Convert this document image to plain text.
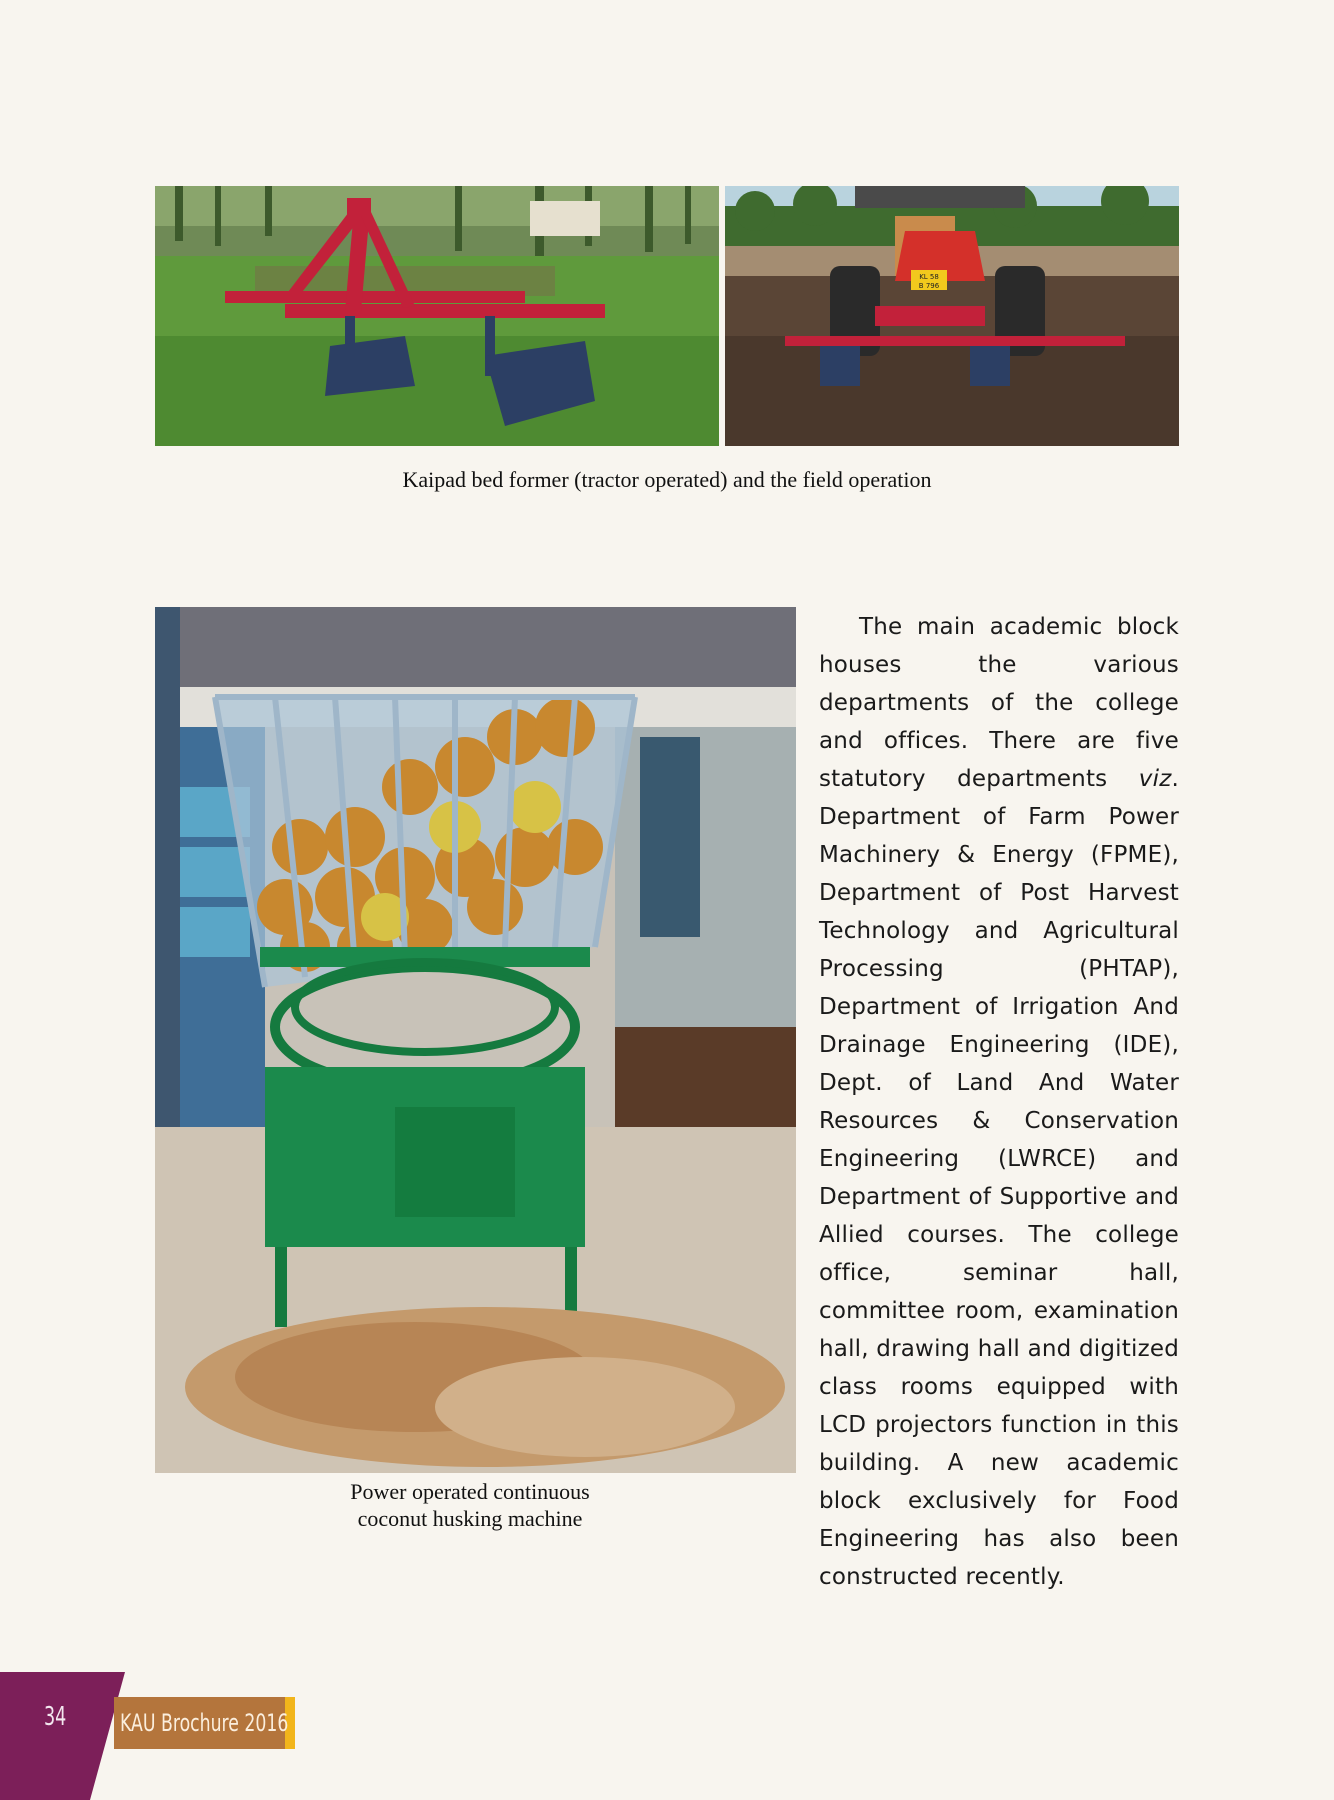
KL 58
B 796
Kaipad bed former (tractor operated) and the field operation
Power operated continuous
coconut husking machine

The main academic block houses the various departments of the college and offices. There are five statutory departments viz. Department of Farm Power Machinery & Energy (FPME), Department of Post Harvest Technology and Agricultural Processing (PHTAP), Department of Irrigation And Drainage Engineering (IDE), Dept. of Land And Water Resources & Conservation Engineering (LWRCE) and Department of Supportive and Allied courses. The college office, seminar hall, committee room, examination hall, drawing hall and digitized class rooms equipped with LCD projectors function in this building. A new academic block exclusively for Food Engineering has also been constructed recently.

34 KAU Brochure 2016
